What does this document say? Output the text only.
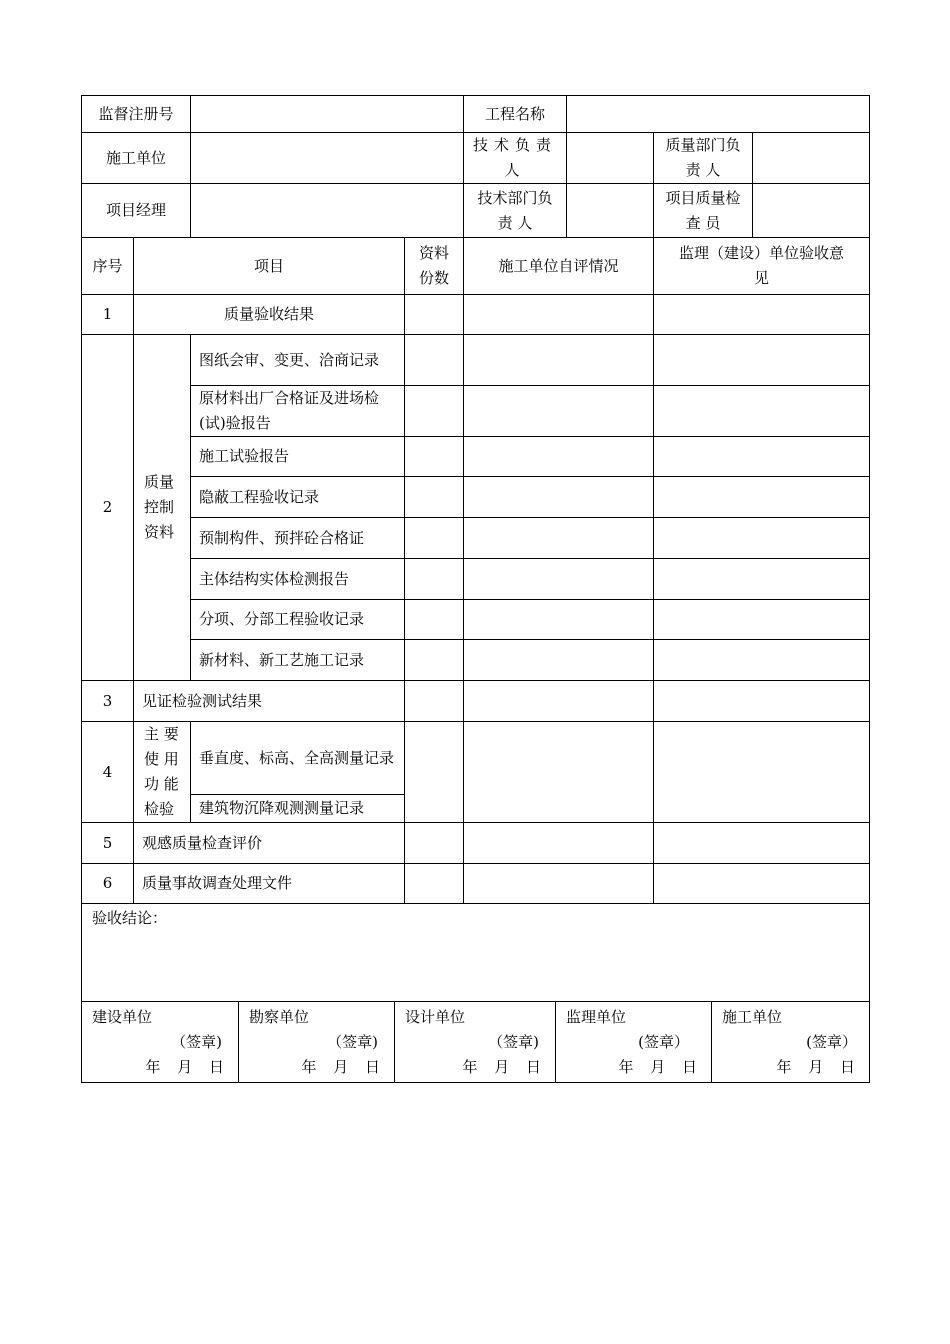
监督注册号				工程名称			
施工单位				技术负责人		质量部门负 责 人	
项目经理				技术部门负 责 人		项目质量检 查 员	
序号	项目		资料份数	施工单位自评情况		监理（建设）单位验收意见	
1	质量验收结果						
2	质量控制资料	图纸会审、变更、洽商记录					
		原材料出厂合格证及进场检(试)验报告					
		施工试验报告					
		隐蔽工程验收记录					
		预制构件、预拌砼合格证					
		主体结构实体检测报告					
		分项、分部工程验收记录					
		新材料、新工艺施工记录					
3	见证检验测试结果						
4	主 要使 用功 能检验	垂直度、标高、全高测量记录					
		建筑物沉降观测测量记录					
5	观感质量检查评价						
6	质量事故调查处理文件						
验收结论：							
建设单位
（签章)
年 月 日

勘察单位
（签章)
年 月 日

设计单位
（签章)
年 月 日

监理单位
(签章）
年 月 日

施工单位
(签章）
年 月 日
